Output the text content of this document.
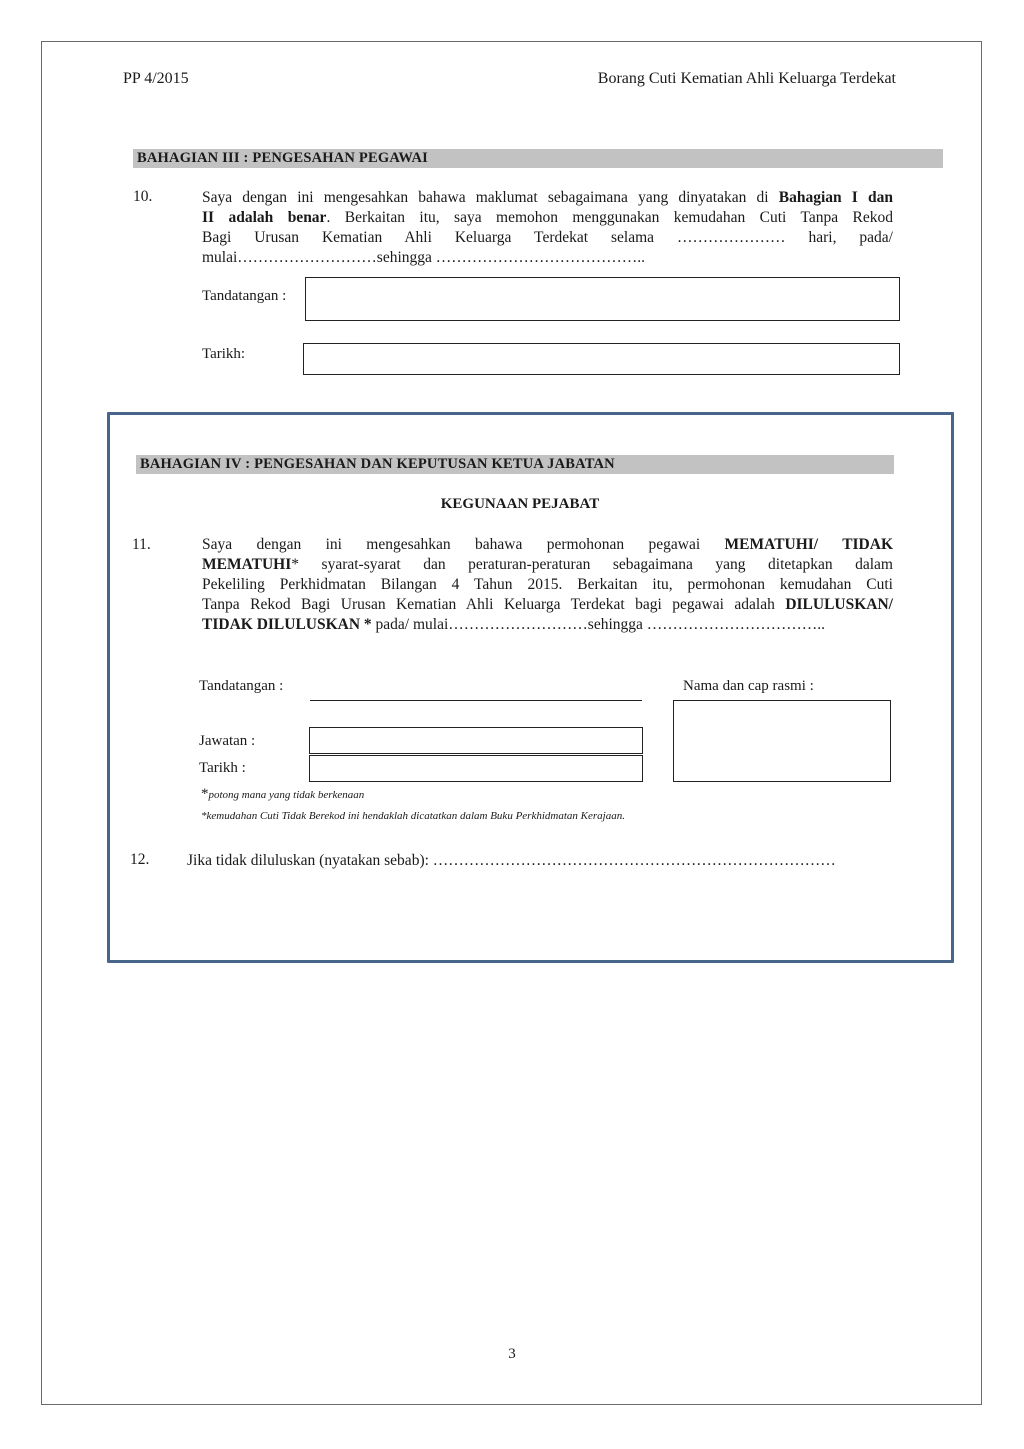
PP 4/2015	Borang Cuti Kematian Ahli Keluarga Terdekat
BAHAGIAN III : PENGESAHAN PEGAWAI
10.	Saya dengan ini mengesahkan bahawa maklumat sebagaimana yang dinyatakan di Bahagian I dan
II adalah benar. Berkaitan itu, saya memohon menggunakan kemudahan Cuti Tanpa Rekod
Bagi Urusan Kematian Ahli Keluarga Terdekat selama ………………… hari, pada/
mulai………………………sehingga …………………………………..
Tandatangan :
Tarikh:
BAHAGIAN IV : PENGESAHAN DAN KEPUTUSAN KETUA JABATAN
KEGUNAAN PEJABAT
11.	Saya dengan ini mengesahkan bahawa permohonan pegawai MEMATUHI/ TIDAK
MEMATUHI* syarat-syarat dan peraturan-peraturan sebagaimana yang ditetapkan dalam
Pekeliling Perkhidmatan Bilangan 4 Tahun 2015. Berkaitan itu, permohonan kemudahan Cuti
Tanpa Rekod Bagi Urusan Kematian Ahli Keluarga Terdekat bagi pegawai adalah DILULUSKAN/
TIDAK DILULUSKAN * pada/ mulai………………………sehingga ……………………………..
Tandatangan :	Nama dan cap rasmi :
Jawatan :
Tarikh :
*potong mana yang tidak berkenaan
*kemudahan Cuti Tidak Berekod ini hendaklah dicatatkan dalam Buku Perkhidmatan Kerajaan.
12. Jika tidak diluluskan (nyatakan sebab): ……………………………………………………………………
3
